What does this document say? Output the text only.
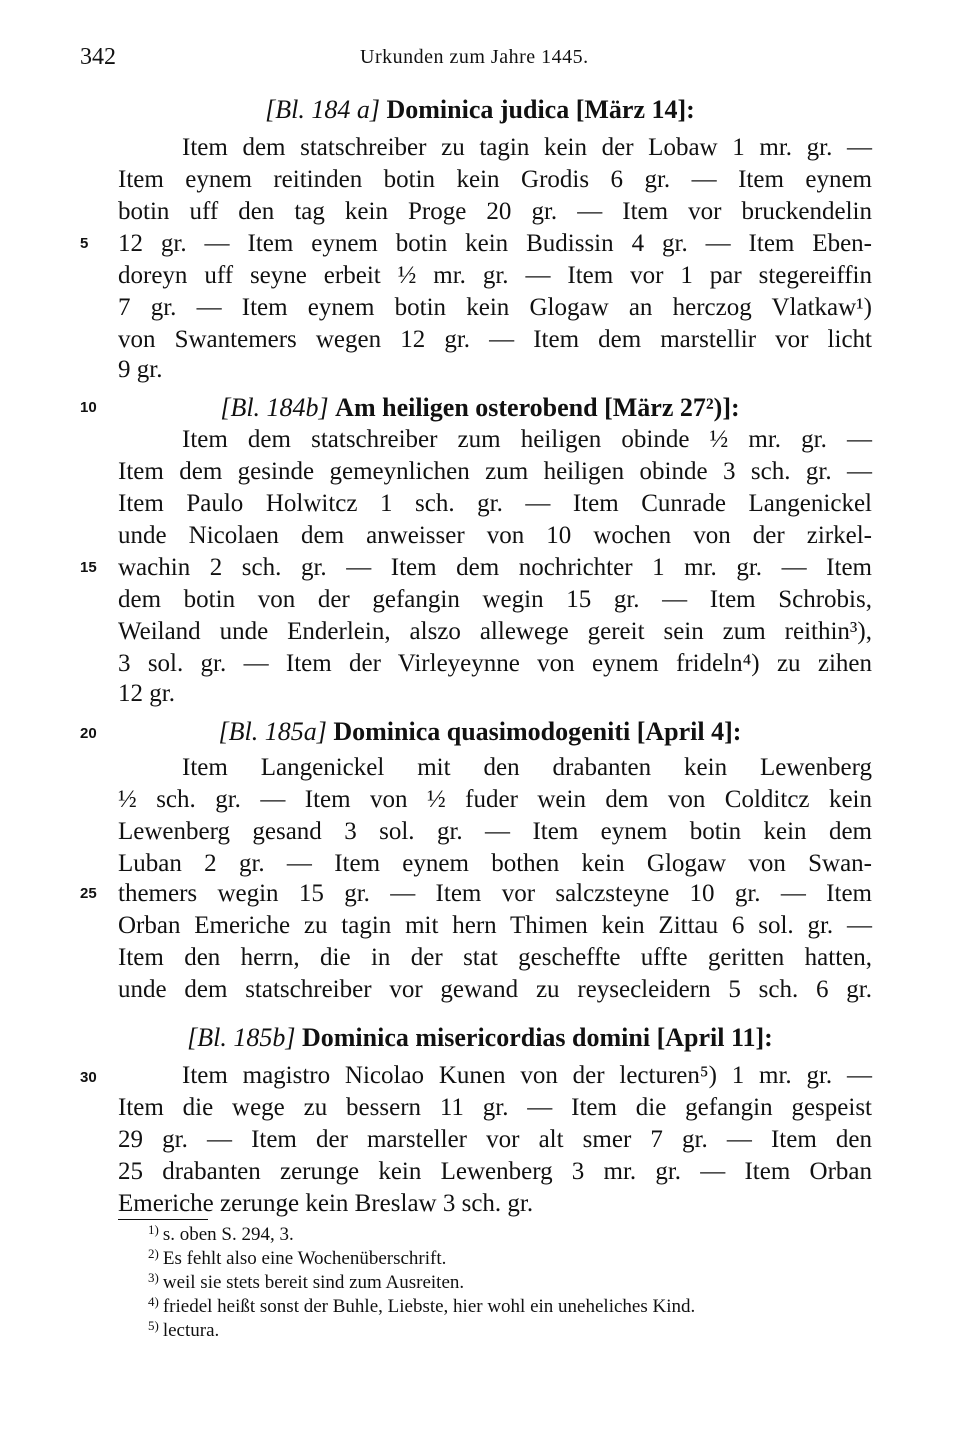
342	Urkunden zum Jahre 1445.
[Bl. 184 a] Dominica judica [März 14]:
Item dem statschreiber zu tagin kein der Lobaw 1 mr. gr. —
Item eynem reitinden botin kein Grodis 6 gr. — Item eynem
botin uff den tag kein Proge 20 gr. — Item vor bruckendelin
5	12 gr. — Item eynem botin kein Budissin 4 gr. — Item Eben-
doreyn uff seyne erbeit ½ mr. gr. — Item vor 1 par stegereiffin
7 gr. — Item eynem botin kein Glogaw an herczog Vlatkaw¹)
von Swantemers wegen 12 gr. — Item dem marstellir vor licht
9 gr.
10	[Bl. 184b] Am heiligen osterobend [März 27²)]:
Item dem statschreiber zum heiligen obinde ½ mr. gr. —
Item dem gesinde gemeynlichen zum heiligen obinde 3 sch. gr. —
Item Paulo Holwitcz 1 sch. gr. — Item Cunrade Langenickel
unde Nicolaen dem anweisser von 10 wochen von der zirkel-
15 wachin 2 sch. gr. — Item dem nochrichter 1 mr. gr. — Item
dem botin von der gefangin wegin 15 gr. — Item Schrobis,
Weiland unde Enderlein, alszo allewege gereit sein zum reithin³),
3 sol. gr. — Item der Virleyeynne von eynem frideln⁴) zu zihen
12 gr.
20	[Bl. 185a] Dominica quasimodogeniti [April 4]:
Item Langenickel mit den drabanten kein Lewenberg
½ sch. gr. — Item von ½ fuder wein dem von Colditcz kein
Lewenberg gesand 3 sol. gr. — Item eynem botin kein dem
Luban 2 gr. — Item eynem bothen kein Glogaw von Swan-
25 themers wegin 15 gr. — Item vor salczsteyne 10 gr. — Item
Orban Emeriche zu tagin mit hern Thimen kein Zittau 6 sol. gr. —
Item den herrn, die in der stat gescheffte uffte geritten hatten,
unde dem statschreiber vor gewand zu reysecleidern 5 sch. 6 gr.
[Bl. 185b] Dominica misericordias domini [April 11]:
30	Item magistro Nicolao Kunen von der lecturen⁵) 1 mr. gr. —
Item die wege zu bessern 11 gr. — Item die gefangin gespeist
29 gr. — Item der marsteller vor alt smer 7 gr. — Item den
25 drabanten zerunge kein Lewenberg 3 mr. gr. — Item Orban
Emeriche zerunge kein Breslaw 3 sch. gr.
$^{1)}$ s. oben S. 294, 3.
$^{2)}$ Es fehlt also eine Wochenüberschrift.
$^{3)}$ weil sie stets bereit sind zum Ausreiten.
$^{4)}$ friedel heißt sonst der Buhle, Liebste, hier wohl ein uneheliches Kind.
$^{5)}$ lectura.
